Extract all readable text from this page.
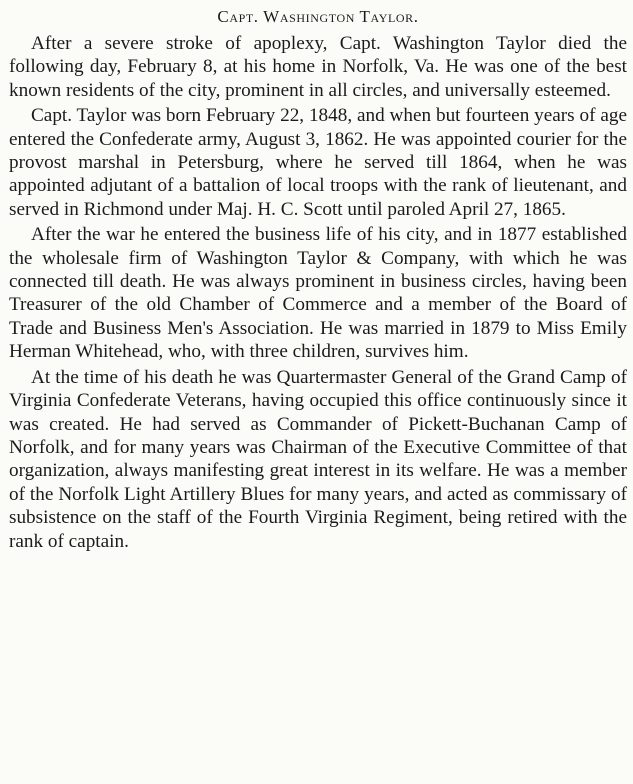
Capt. Washington Taylor.

After a severe stroke of apoplexy, Capt. Washington Taylor died the following day, February 8, at his home in Norfolk, Va. He was one of the best known residents of the city, prominent in all circles, and universally esteemed.

Capt. Taylor was born February 22, 1848, and when but fourteen years of age entered the Confederate army, August 3, 1862. He was appointed courier for the provost marshal in Petersburg, where he served till 1864, when he was appointed adjutant of a battalion of local troops with the rank of lieutenant, and served in Richmond under Maj. H. C. Scott until paroled April 27, 1865.

After the war he entered the business life of his city, and in 1877 established the wholesale firm of Washington Taylor & Company, with which he was connected till death. He was always prominent in business circles, having been Treasurer of the old Chamber of Commerce and a member of the Board of Trade and Business Men's Association. He was married in 1879 to Miss Emily Herman Whitehead, who, with three children, survives him.

At the time of his death he was Quartermaster General of the Grand Camp of Virginia Confederate Veterans, having occupied this office continuously since it was created. He had served as Commander of Pickett-Buchanan Camp of Norfolk, and for many years was Chairman of the Executive Committee of that organization, always manifesting great interest in its welfare. He was a member of the Norfolk Light Artillery Blues for many years, and acted as commissary of subsistence on the staff of the Fourth Virginia Regiment, being retired with the rank of captain.
